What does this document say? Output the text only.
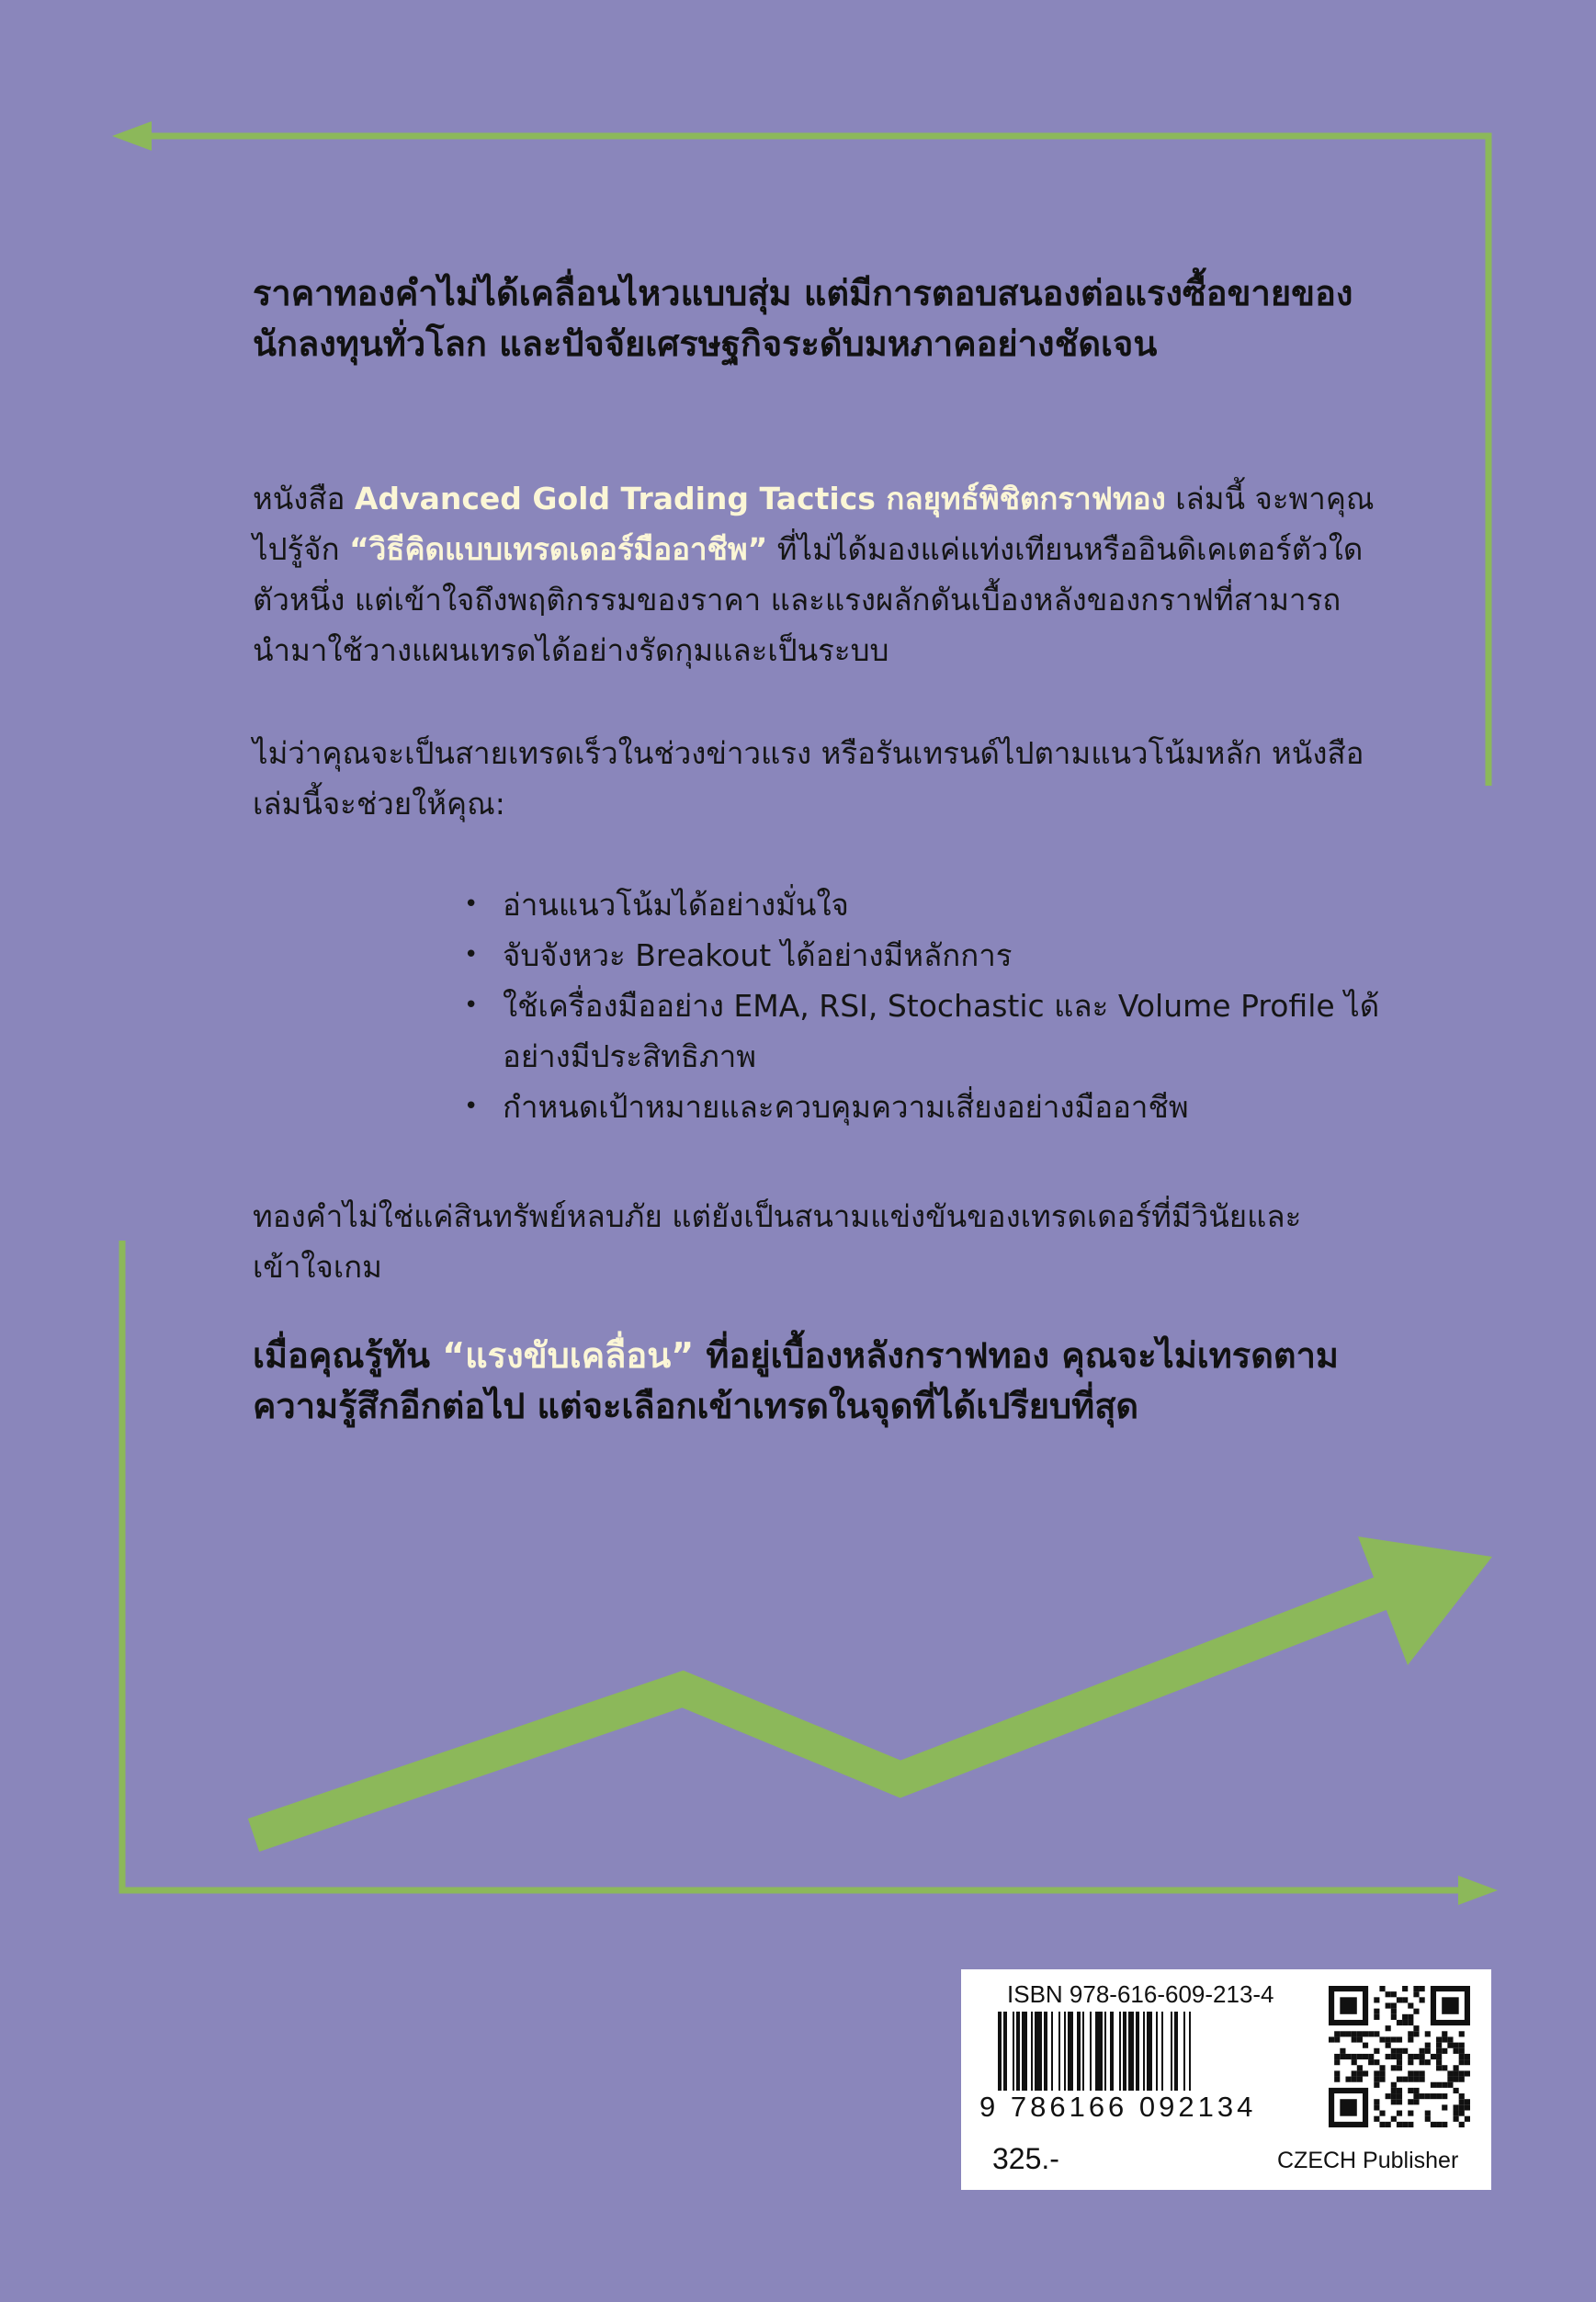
ราคาทองคำไม่ได้เคลื่อนไหวแบบสุ่ม แต่มีการตอบสนองต่อแรงซื้อขายของนักลงทุนทั่วโลก และปัจจัยเศรษฐกิจระดับมหภาคอย่างชัดเจน

หนังสือ Advanced Gold Trading Tactics กลยุทธ์พิชิตกราฟทอง เล่มนี้ จะพาคุณไปรู้จัก “วิธีคิดแบบเทรดเดอร์มืออาชีพ” ที่ไม่ได้มองแค่แท่งเทียนหรืออินดิเคเตอร์ตัวใดตัวหนึ่ง แต่เข้าใจถึงพฤติกรรมของราคา และแรงผลักดันเบื้องหลังของกราฟที่สามารถนำมาใช้วางแผนเทรดได้อย่างรัดกุมและเป็นระบบ

ไม่ว่าคุณจะเป็นสายเทรดเร็วในช่วงข่าวแรง หรือรันเทรนด์ไปตามแนวโน้มหลัก หนังสือเล่มนี้จะช่วยให้คุณ:

• อ่านแนวโน้มได้อย่างมั่นใจ
• จับจังหวะ Breakout ได้อย่างมีหลักการ
• ใช้เครื่องมืออย่าง EMA, RSI, Stochastic และ Volume Profile ได้อย่างมีประสิทธิภาพ
• กำหนดเป้าหมายและควบคุมความเสี่ยงอย่างมืออาชีพ

ทองคำไม่ใช่แค่สินทรัพย์หลบภัย แต่ยังเป็นสนามแข่งขันของเทรดเดอร์ที่มีวินัยและเข้าใจเกม

เมื่อคุณรู้ทัน “แรงขับเคลื่อน” ที่อยู่เบื้องหลังกราฟทอง คุณจะไม่เทรดตามความรู้สึกอีกต่อไป แต่จะเลือกเข้าเทรดในจุดที่ได้เปรียบที่สุด

ISBN 978-616-609-213-4
9 786166 092134
325.-	CZECH Publisher
